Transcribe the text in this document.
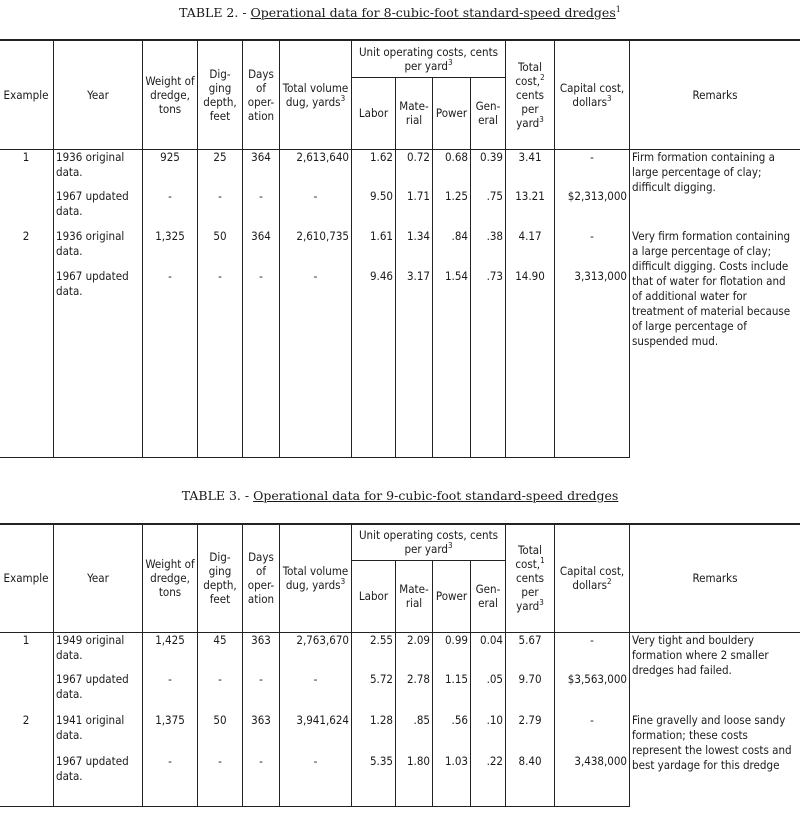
TABLE 2. - Operational data for 8-cubic-foot standard-speed dredges$^1$
Example	Year	Weight of dredge, tons	Dig- ging depth, feet	Days of oper- ation	Total volume dug, yards$^3$	Unit operating costs, cents per yard$^3$				Total cost,$^2$ cents per yard$^3$	Capital cost, dollars$^3$	Remarks
						Labor	Mate- rial	Power	Gen- eral			
1	1936 original data.	925	25	364	2,613,640	1.62	0.72	0.68	0.39	3.41	-	Firm formation containing a large percentage of clay; difficult digging.
	1967 updated data.	-	-	-	-	9.50	1.71	1.25	.75	13.21	$2,313,000	
2	1936 original data.	1,325	50	364	2,610,735	1.61	1.34	.84	.38	4.17	-	Very firm formation containing a large percentage of clay; difficult digging. Costs include that of water for flotation and of additional water for treatment of material because of large percentage of suspended mud.
	1967 updated data.	-	-	-	-	9.46	3.17	1.54	.73	14.90	3,313,000	
TABLE 3. - Operational data for 9-cubic-foot standard-speed dredges
Example	Year	Weight of dredge, tons	Dig- ging depth, feet	Days of oper- ation	Total volume dug, yards$^3$	Unit operating costs, cents per yard$^3$				Total cost,$^1$ cents per yard$^3$	Capital cost, dollars$^2$	Remarks
						Labor	Mate- rial	Power	Gen- eral			
1	1949 original data.	1,425	45	363	2,763,670	2.55	2.09	0.99	0.04	5.67	-	Very tight and bouldery formation where 2 smaller dredges had failed.
	1967 updated data.	-	-	-	-	5.72	2.78	1.15	.05	9.70	$3,563,000	
2	1941 original data.	1,375	50	363	3,941,624	1.28	.85	.56	.10	2.79	-	Fine gravelly and loose sandy formation; these costs represent the lowest costs and best yardage for this dredge
	1967 updated data.	-	-	-	-	5.35	1.80	1.03	.22	8.40	3,438,000	
